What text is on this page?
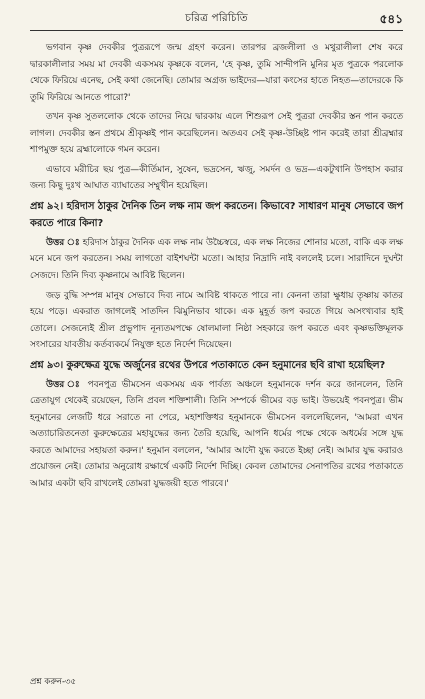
চরিত্র পরিচিতি	৫৪১

ভগবান কৃষ্ণ দেবকীর পুত্ররূপে জন্ম গ্রহণ করেন। তারপর ব্রজলীলা ও মথুরালীলা শেষ করে দ্বারকালীলার সময় মা দেবকী একসময় কৃষ্ণকে বলেন, 'হে কৃষ্ণ, তুমি সান্দীপনি মুনির মৃত পুত্রকে পরলোক থেকে ফিরিয়ে এনেছ, সেই কথা জেনেছি। তোমার অগ্রজ ভাইদের—যারা কংসের হাতে নিহত—তাদেরকে কি তুমি ফিরিয়ে আনতে পারো?'

তখন কৃষ্ণ সুতললোক থেকে তাদের নিয়ে দ্বারকায় এলে শিশুরূপ সেই পুত্ররা দেবকীর স্তন পান করতে লাগল। দেবকীর স্তন প্রথমে শ্রীকৃষ্ণই পান করেছিলেন। অতএব সেই কৃষ্ণ-উচ্ছিষ্ট পান করেই তারা শ্রীব্রহ্মার শাপমুক্ত হয়ে ব্রহ্মালোকে গমন করেন।

এভাবে মরীচির ছয় পুত্র—কীর্তিমান, সুষেন, ভদ্রসেন, ঋজু, সমর্দন ও ভদ্র—একটুখানি উপহাস করার জন্য কিছু দুঃখ আঘাত ব্যাঘাতের সম্মুখীন হয়েছিল।

প্রশ্ন ৯২। হরিদাস ঠাকুর দৈনিক তিন লক্ষ নাম জপ করতেন। কিভাবে? সাধারণ মানুষ সেভাবে জপ করতে পারে কিনা?

উত্তর ঃ হরিদাস ঠাকুর দৈনিক এক লক্ষ নাম উচ্চৈস্বরে, এক লক্ষ নিজের শোনার মতো, বাকি এক লক্ষ মনে মনে জপ করতেন। সময় লাগতো বাইশঘন্টা মতো। আহার নিদ্রাদি নাই বললেই চলে। সারাদিনে দুঘন্টা সেজদে। তিনি দিব্য কৃষ্ণনামে আবিষ্ট ছিলেন।

জড় বুদ্ধি সম্পন্ন মানুষ সেভাবে দিব্য নামে আবিষ্ট থাকতে পারে না। কেননা তারা ক্ষুধায় তৃষ্ণায় কাতর হয়ে পড়ে। একরাত জাগলেই সাতদিন ঝিমুনিভাব থাকে। এক মুহূর্ত জপ করতে গিয়ে অসংখ্যবার হাই তোলে। সেজন্যেই শ্রীল প্রভুপাদ নূন্যতমপক্ষে ষোলমালা নিষ্ঠা সহকারে জপ করতে এবং কৃষ্ণভক্তিমূলক সংসারের যাবতীয় কর্তব্যকর্মে নিযুক্ত হতে নির্দেশ দিয়েছেন।

প্রশ্ন ৯৩। কুরুক্ষেত্র যুদ্ধে অর্জুনের রথের উপরে পতাকাতে কেন হনুমানের ছবি রাখা হয়েছিল?

উত্তর ঃ পবনপুত্র ভীমসেন একসময় এক পার্বত্য অঞ্চলে হনুমানকে দর্শন করে জানলেন, তিনি ত্রেতাযুগ থেকেই রয়েছেন, তিনি প্রবল শক্তিশালী। তিনি সম্পর্কে ভীমের বড় ভাই। উভয়েই পবনপুত্র। ভীম হনুমানের লেজটি ধরে সরাতে না পেরে, মহাশক্তিধর হনুমানকে ভীমসেন বললেছিলেন, 'আমরা এখন অত্যাচারিতনেতা কুরুক্ষেত্রের মহাযুদ্ধের জন্য তৈরি হয়েছি, আপনি ধর্মের পক্ষে থেকে অধর্মের সঙ্গে যুদ্ধ করতে আমাদের সহায়তা করুন।' হনুমান বললেন, 'আমার আদৌ যুদ্ধ করতে ইচ্ছা নেই। আমার যুদ্ধ করারও প্রয়োজন নেই। তোমার অনুরোধ রক্ষার্থে একটি নির্দেশ দিচ্ছি। কেবল তোমাদের সেনাপতির রথের পতাকাতে আমার একটা ছবি রাখলেই তোমরা যুদ্ধজয়ী হতে পারবে।'

প্রশ্ন করুন-৩৫
